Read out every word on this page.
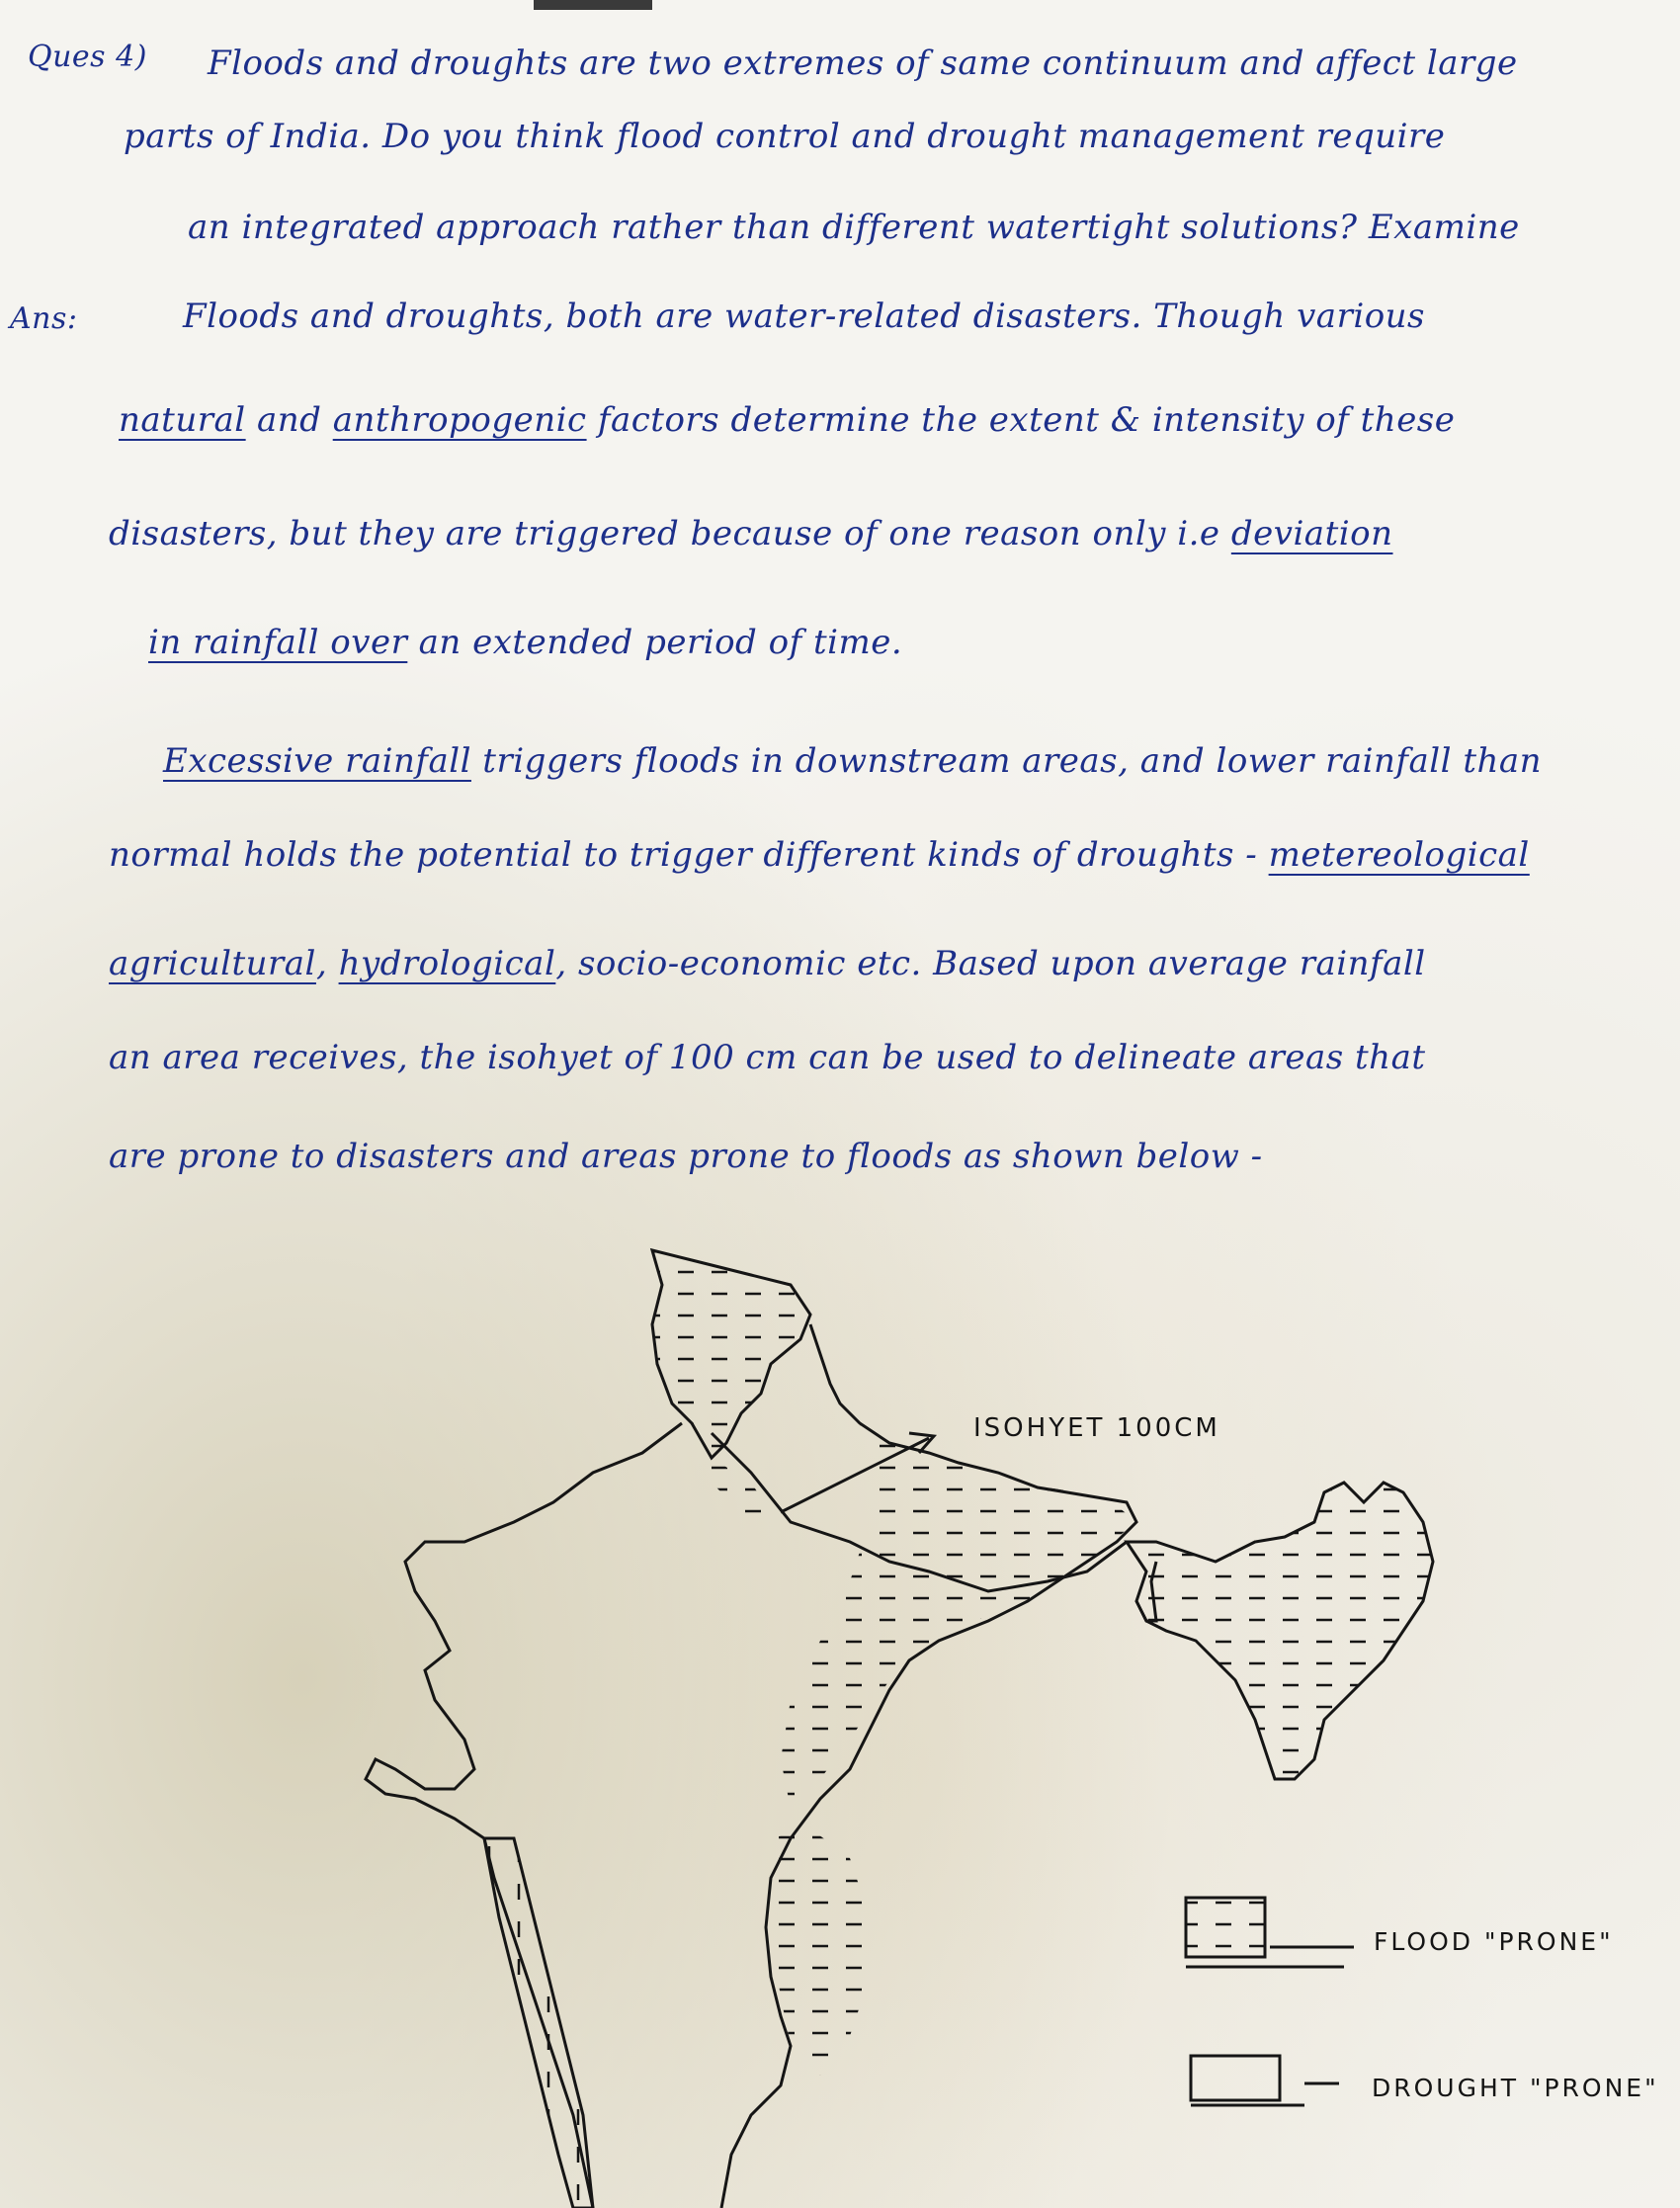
Ques 4) Floods and droughts are two extremes of same continuum and affect large
parts of India. Do you think flood control and drought management require
an integrated approach rather than different watertight solutions? Examine
Ans:	Floods and droughts, both are water-related disasters. Though various
natural and anthropogenic factors determine the extent & intensity of these
disasters, but they are triggered because of one reason only i.e deviation
in rainfall over an extended period of time.
Excessive rainfall triggers floods in downstream areas, and lower rainfall than
normal holds the potential to trigger different kinds of droughts - metereological
agricultural, hydrological, socio-economic etc. Based upon average rainfall
an area receives, the isohyet of 100 cm can be used to delineate areas that
are prone to disasters and areas prone to floods as shown below -
ISOHYET 100CM
FLOOD "PRONE"
DROUGHT "PRONE"
